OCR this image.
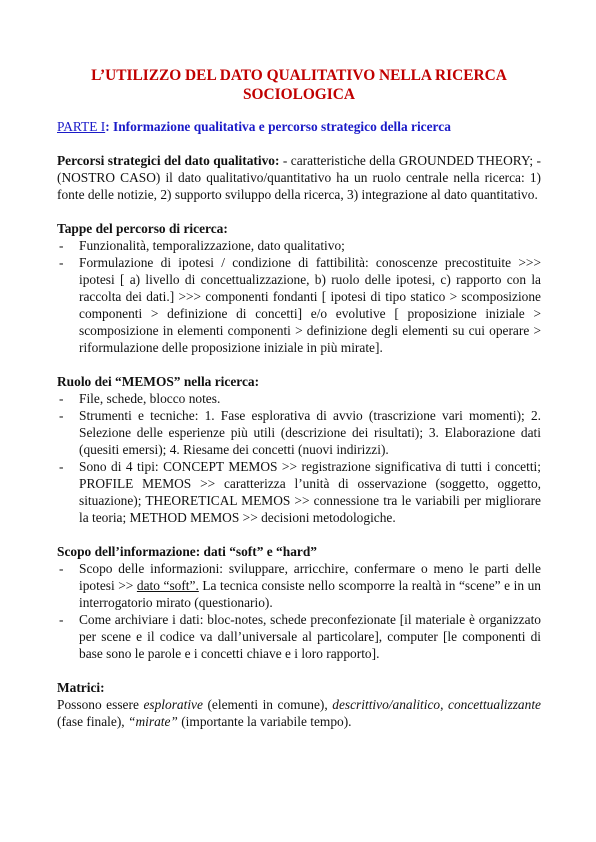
L’UTILIZZO DEL DATO QUALITATIVO NELLA RICERCA
SOCIOLOGICA
PARTE I: Informazione qualitativa e percorso strategico della ricerca

Percorsi strategici del dato qualitativo: - caratteristiche della GROUNDED THEORY; - (NOSTRO CASO) il dato qualitativo/quantitativo ha un ruolo centrale nella ricerca: 1) fonte delle notizie, 2) supporto sviluppo della ricerca, 3) integrazione al dato quantitativo.

Tappe del percorso di ricerca:
- Funzionalità, temporalizzazione, dato qualitativo;
- Formulazione di ipotesi / condizione di fattibilità: conoscenze precostituite >>> ipotesi [ a) livello di concettualizzazione, b) ruolo delle ipotesi, c) rapporto con la raccolta dei dati.] >>> componenti fondanti [ ipotesi di tipo statico > scomposizione componenti > definizione di concetti] e/o evolutive [ proposizione iniziale > scomposizione in elementi componenti > definizione degli elementi su cui operare > riformulazione delle proposizione iniziale in più mirate].
Ruolo dei “MEMOS” nella ricerca:
- File, schede, blocco notes.
- Strumenti e tecniche: 1. Fase esplorativa di avvio (trascrizione vari momenti); 2. Selezione delle esperienze più utili (descrizione dei risultati); 3. Elaborazione dati (quesiti emersi); 4. Riesame dei concetti (nuovi indirizzi).
- Sono di 4 tipi: CONCEPT MEMOS >> registrazione significativa di tutti i concetti; PROFILE MEMOS >> caratterizza l’unità di osservazione (soggetto, oggetto, situazione); THEORETICAL MEMOS >> connessione tra le variabili per migliorare la teoria; METHOD MEMOS >> decisioni metodologiche.
Scopo dell’informazione: dati “soft” e “hard”
- Scopo delle informazioni: sviluppare, arricchire, confermare o meno le parti delle ipotesi >> dato “soft”. La tecnica consiste nello scomporre la realtà in “scene” e in un interrogatorio mirato (questionario).
- Come archiviare i dati: bloc-notes, schede preconfezionate [il materiale è organizzato per scene e il codice va dall’universale al particolare], computer [le componenti di base sono le parole e i concetti chiave e i loro rapporto].
Matrici:

Possono essere esplorative (elementi in comune), descrittivo/analitico, concettualizzante (fase finale), “mirate” (importante la variabile tempo).
